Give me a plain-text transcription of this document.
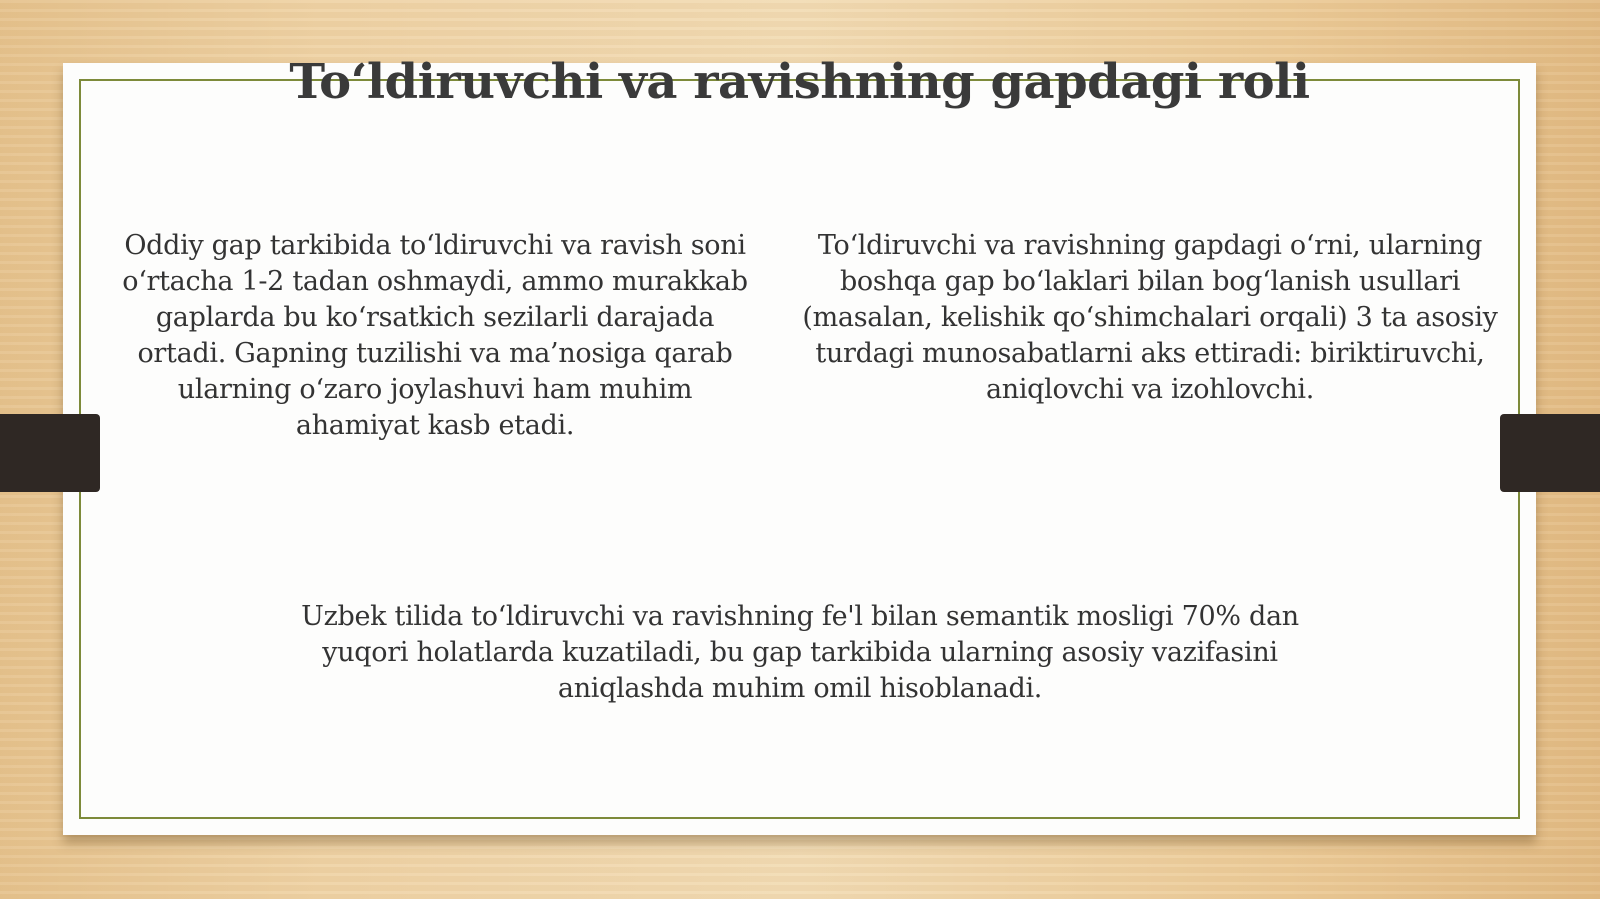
To‘ldiruvchi va ravishning gapdagi roli

Oddiy gap tarkibida to‘ldiruvchi va ravish soni o‘rtacha 1-2 tadan oshmaydi, ammo murakkab gaplarda bu ko‘rsatkich sezilarli darajada ortadi. Gapning tuzilishi va ma’nosiga qarab ularning o‘zaro joylashuvi ham muhim ahamiyat kasb etadi.

To‘ldiruvchi va ravishning gapdagi o‘rni, ularning boshqa gap bo‘laklari bilan bog‘lanish usullari (masalan, kelishik qo‘shimchalari orqali) 3 ta asosiy turdagi munosabatlarni aks ettiradi: biriktiruvchi, aniqlovchi va izohlovchi.

Uzbek tilida to‘ldiruvchi va ravishning fe'l bilan semantik mosligi 70% dan yuqori holatlarda kuzatiladi, bu gap tarkibida ularning asosiy vazifasini aniqlashda muhim omil hisoblanadi.
